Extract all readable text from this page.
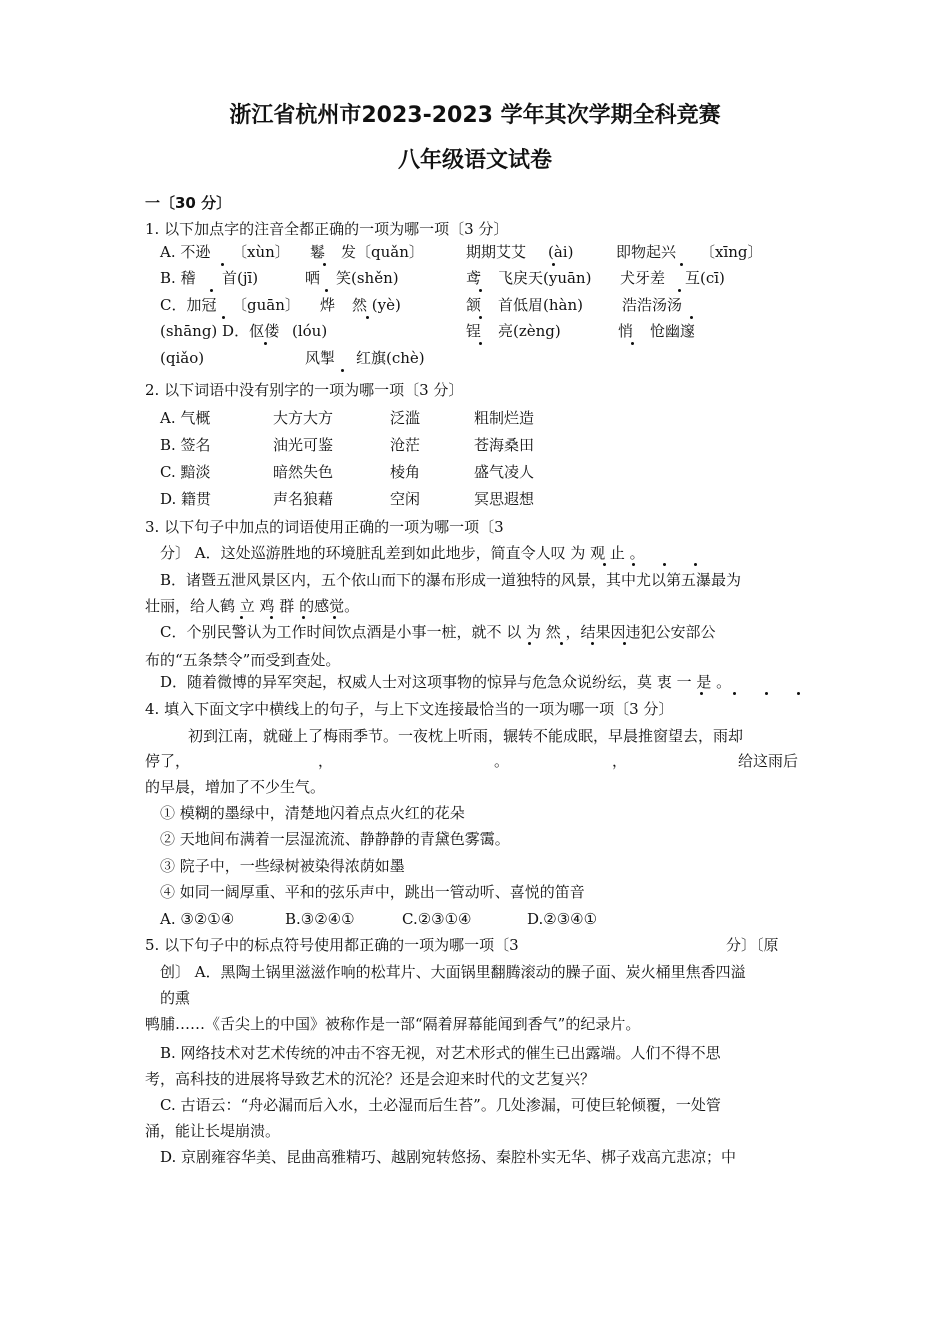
浙江省杭州市2023-2023 学年其次学期全科竞赛
八年级语文试卷
一〔30 分〕
1. 以下加点字的注音全都正确的一项为哪一项〔3 分〕
A. 不逊 〔xùn〕 鬈 发〔quǎn〕	期期艾艾 (ài)	即物起兴 〔xīng〕
B. 稽 首(jī)	哂 笑(shěn)	鸢 飞戾天(yuān) 犬牙差 互(cī)
C．加冠 〔guān〕 烨 然 (yè)	颔 首低眉(hàn)	浩浩汤汤
(shāng) D．伛偻 (lóu)	锃 亮(zèng)	悄 怆幽邃
(qiǎo)	风掣 红旗(chè)
2. 以下词语中没有别字的一项为哪一项〔3 分〕
A. 气概	大方大方	泛滥	粗制烂造
B. 签名	油光可鉴	沧茫	苍海桑田
C. 黯淡	暗然失色	棱角	盛气凌人
D. 籍贯	声名狼藉	空闲	冥思遐想
3. 以下句子中加点的词语使用正确的一项为哪一项〔3
分〕 A．这处巡游胜地的环境脏乱差到如此地步，简直令人叹 为 观 止 。
B．诸暨五泄风景区内，五个依山而下的瀑布形成一道独特的风景，其中尤以第五瀑最为
壮丽，给人鹤 立 鸡 群 的感觉。
C．个别民警认为工作时间饮点酒是小事一桩，就不 以 为 然 ，结果因违犯公安部公
布的“五条禁令”而受到查处。
D．随着微博的异军突起，权威人士对这项事物的惊异与危急众说纷纭，莫 衷 一 是 。
4. 填入下面文字中横线上的句子，与上下文连接最恰当的一项为哪一项〔3 分〕
初到江南，就碰上了梅雨季节。一夜枕上听雨，辗转不能成眠，早晨推窗望去，雨却
停了，	，	。	，	给这雨后
的早晨，增加了不少生气。
① 模糊的墨绿中，清楚地闪着点点火红的花朵
② 天地间布满着一层湿流流、静静静的青黛色雾霭。
③ 院子中，一些绿树被染得浓荫如墨
④ 如同一阔厚重、平和的弦乐声中，跳出一管动听、喜悦的笛音
A. ③②①④	B.③②④①	C.②③①④	D.②③④①
5. 以下句子中的标点符号使用都正确的一项为哪一项〔3	分〕〔原
创〕 A．黑陶土锅里滋滋作响的松茸片、大面锅里翻腾滚动的臊子面、炭火桶里焦香四溢
的熏
鸭脯……《舌尖上的中国》被称作是一部“隔着屏幕能闻到香气”的纪录片。
B. 网络技术对艺术传统的冲击不容无视，对艺术形式的催生已出露端。人们不得不思
考，高科技的进展将导致艺术的沉沦？还是会迎来时代的文艺复兴？
C. 古语云：“舟必漏而后入水，土必湿而后生苔”。几处渗漏，可使巨轮倾覆，一处管
涌，能让长堤崩溃。
D. 京剧雍容华美、昆曲高雅精巧、越剧宛转悠扬、秦腔朴实无华、梆子戏高亢悲凉；中
